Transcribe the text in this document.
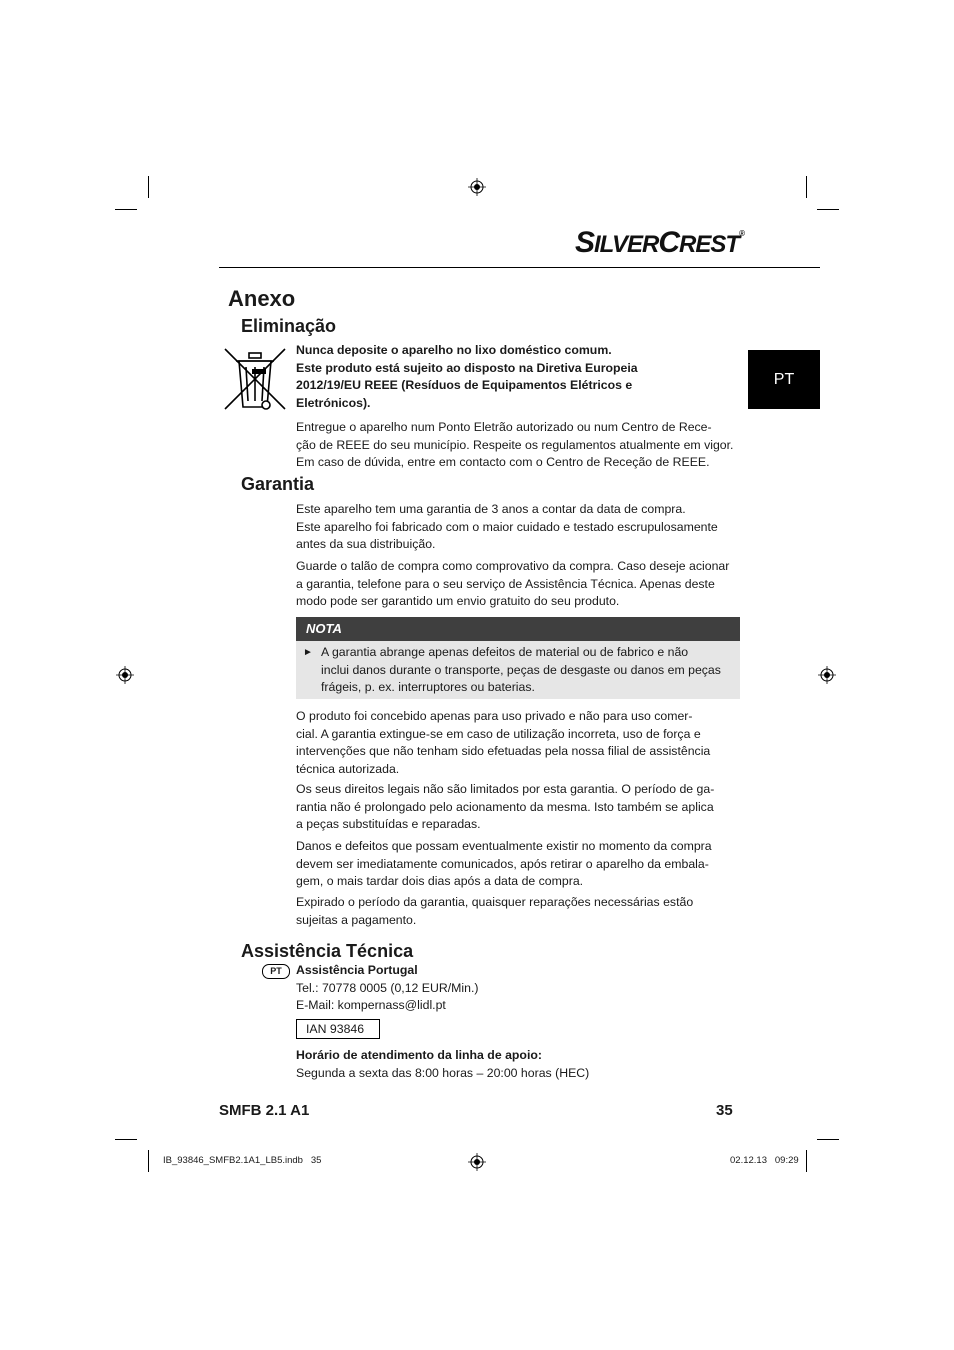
SILVERCREST®
PT
Anexo
Eliminação
Nunca deposite o aparelho no lixo doméstico comum.
Este produto está sujeito ao disposto na Diretiva Europeia
2012/19/EU REEE (Resíduos de Equipamentos Elétricos e
Eletrónicos).
Entregue o aparelho num Ponto Eletrão autorizado ou num Centro de Rece-
ção de REEE do seu município. Respeite os regulamentos atualmente em vigor.
Em caso de dúvida, entre em contacto com o Centro de Receção de REEE.
Garantia
Este aparelho tem uma garantia de 3 anos a contar da data de compra.
Este aparelho foi fabricado com o maior cuidado e testado escrupulosamente
antes da sua distribuição.
Guarde o talão de compra como comprovativo da compra. Caso deseje acionar
a garantia, telefone para o seu serviço de Assistência Técnica. Apenas deste
modo pode ser garantido um envio gratuito do seu produto.
NOTA
► A garantia abrange apenas defeitos de material ou de fabrico e não
inclui danos durante o transporte, peças de desgaste ou danos em peças
frágeis, p. ex. interruptores ou baterias.
O produto foi concebido apenas para uso privado e não para uso comer-
cial. A garantia extingue-se em caso de utilização incorreta, uso de força e
intervenções que não tenham sido efetuadas pela nossa filial de assistência
técnica autorizada.
Os seus direitos legais não são limitados por esta garantia. O período de ga-
rantia não é prolongado pelo acionamento da mesma. Isto também se aplica
a peças substituídas e reparadas.
Danos e defeitos que possam eventualmente existir no momento da compra
devem ser imediatamente comunicados, após retirar o aparelho da embala-
gem, o mais tardar dois dias após a data de compra.
Expirado o período da garantia, quaisquer reparações necessárias estão
sujeitas a pagamento.
Assistência Técnica
PT	Assistência Portugal
Tel.: 70778 0005 (0,12 EUR/Min.)
E-Mail: kompernass@lidl.pt
IAN 93846
Horário de atendimento da linha de apoio:
Segunda a sexta das 8:00 horas – 20:00 horas (HEC)
SMFB 2.1 A1	35
IB_93846_SMFB2.1A1_LB5.indb   35	02.12.13   09:29
